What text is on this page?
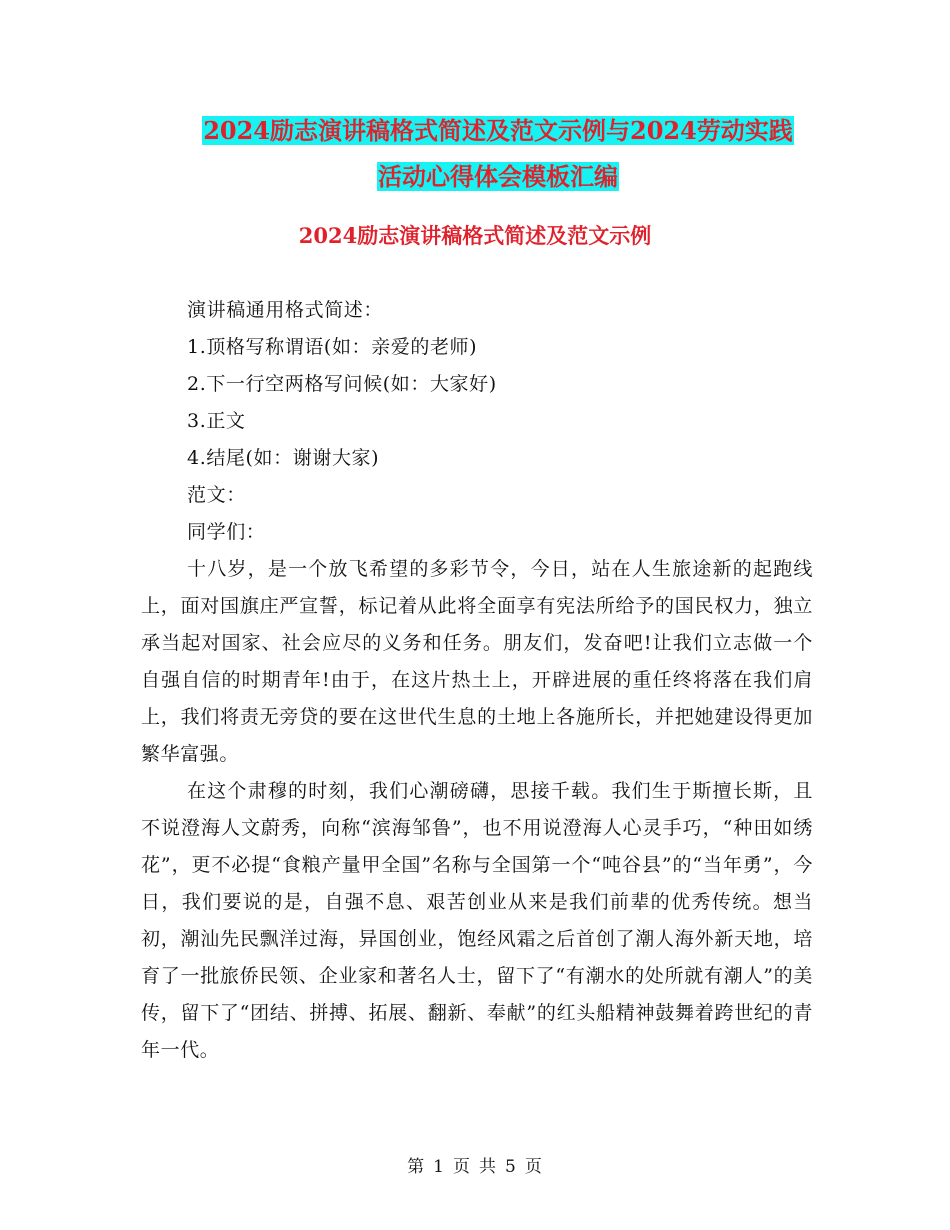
2024励志演讲稿格式简述及范文示例与2024劳动实践
活动心得体会模板汇编
2024励志演讲稿格式简述及范文示例

演讲稿通用格式简述：

1.顶格写称谓语(如：亲爱的老师)

2.下一行空两格写问候(如：大家好)

3.正文

4.结尾(如：谢谢大家)

范文：

同学们：

十八岁，是一个放飞希望的多彩节令，今日，站在人生旅途新的起跑线上，面对国旗庄严宣誓，标记着从此将全面享有宪法所给予的国民权力，独立承当起对国家、社会应尽的义务和任务。朋友们，发奋吧!让我们立志做一个自强自信的时期青年!由于，在这片热土上，开辟进展的重任终将落在我们肩上，我们将责无旁贷的要在这世代生息的土地上各施所长，并把她建设得更加繁华富强。

在这个肃穆的时刻，我们心潮磅礴，思接千载。我们生于斯擅长斯，且不说澄海人文蔚秀，向称“滨海邹鲁”，也不用说澄海人心灵手巧，“种田如绣花”，更不必提“食粮产量甲全国”名称与全国第一个“吨谷县”的“当年勇”，今日，我们要说的是，自强不息、艰苦创业从来是我们前辈的优秀传统。想当初，潮汕先民飘洋过海，异国创业，饱经风霜之后首创了潮人海外新天地，培育了一批旅侨民领、企业家和著名人士，留下了“有潮水的处所就有潮人”的美传，留下了“团结、拼搏、拓展、翻新、奉献”的红头船精神鼓舞着跨世纪的青年一代。

第 1 页 共 5 页
